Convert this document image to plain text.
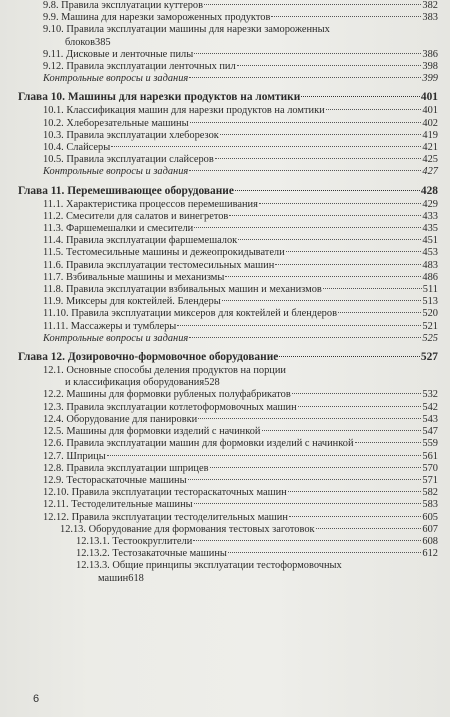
9.8. Правила эксплуатации куттеров	382
9.9. Машина для нарезки замороженных продуктов	383
9.10. Правила эксплуатации машины для нарезки замороженных
блоков 385
9.11. Дисковые и ленточные пилы	386
9.12. Правила эксплуатации ленточных пил	398
Контрольные вопросы и задания	399
Глава 10. Машины для нарезки продуктов на ломтики	401
10.1. Классификация машин для нарезки продуктов на ломтики	401
10.2. Хлеборезательные машины	402
10.3. Правила эксплуатации хлеборезок	419
10.4. Слайсеры	421
10.5. Правила эксплуатации слайсеров	425
Контрольные вопросы и задания	427
Глава 11. Перемешивающее оборудование	428
11.1. Характеристика процессов перемешивания	429
11.2. Смесители для салатов и винегретов	433
11.3. Фаршемешалки и смесители	435
11.4. Правила эксплуатации фаршемешалок	451
11.5. Тестомесильные машины и дежеопрокидыватели	453
11.6. Правила эксплуатации тестомесильных машин	483
11.7. Взбивальные машины и механизмы	486
11.8. Правила эксплуатации взбивальных машин и механизмов	511
11.9. Миксеры для коктейлей. Блендеры	513
11.10. Правила эксплуатации миксеров для коктейлей и блендеров	520
11.11. Массажеры и тумблеры	521
Контрольные вопросы и задания	525
Глава 12. Дозировочно-формовочное оборудование	527
12.1. Основные способы деления продуктов на порции
и классификация оборудования 528
12.2. Машины для формовки рубленых полуфабрикатов	532
12.3. Правила эксплуатации котлетоформовочных машин	542
12.4. Оборудование для панировки	543
12.5. Машины для формовки изделий с начинкой	547
12.6. Правила эксплуатации машин для формовки изделий с начинкой	559
12.7. Шприцы	561
12.8. Правила эксплуатации шприцев	570
12.9. Тестораскаточные машины	571
12.10. Правила эксплуатации тестораскаточных машин	582
12.11. Тестоделительные машины	583
12.12. Правила эксплуатации тестоделительных машин	605
12.13. Оборудование для формования тестовых заготовок	607
12.13.1. Тестоокруглители	608
12.13.2. Тестозакаточные машины	612
12.13.3. Общие принципы эксплуатации тестоформовочных
машин 618
6
